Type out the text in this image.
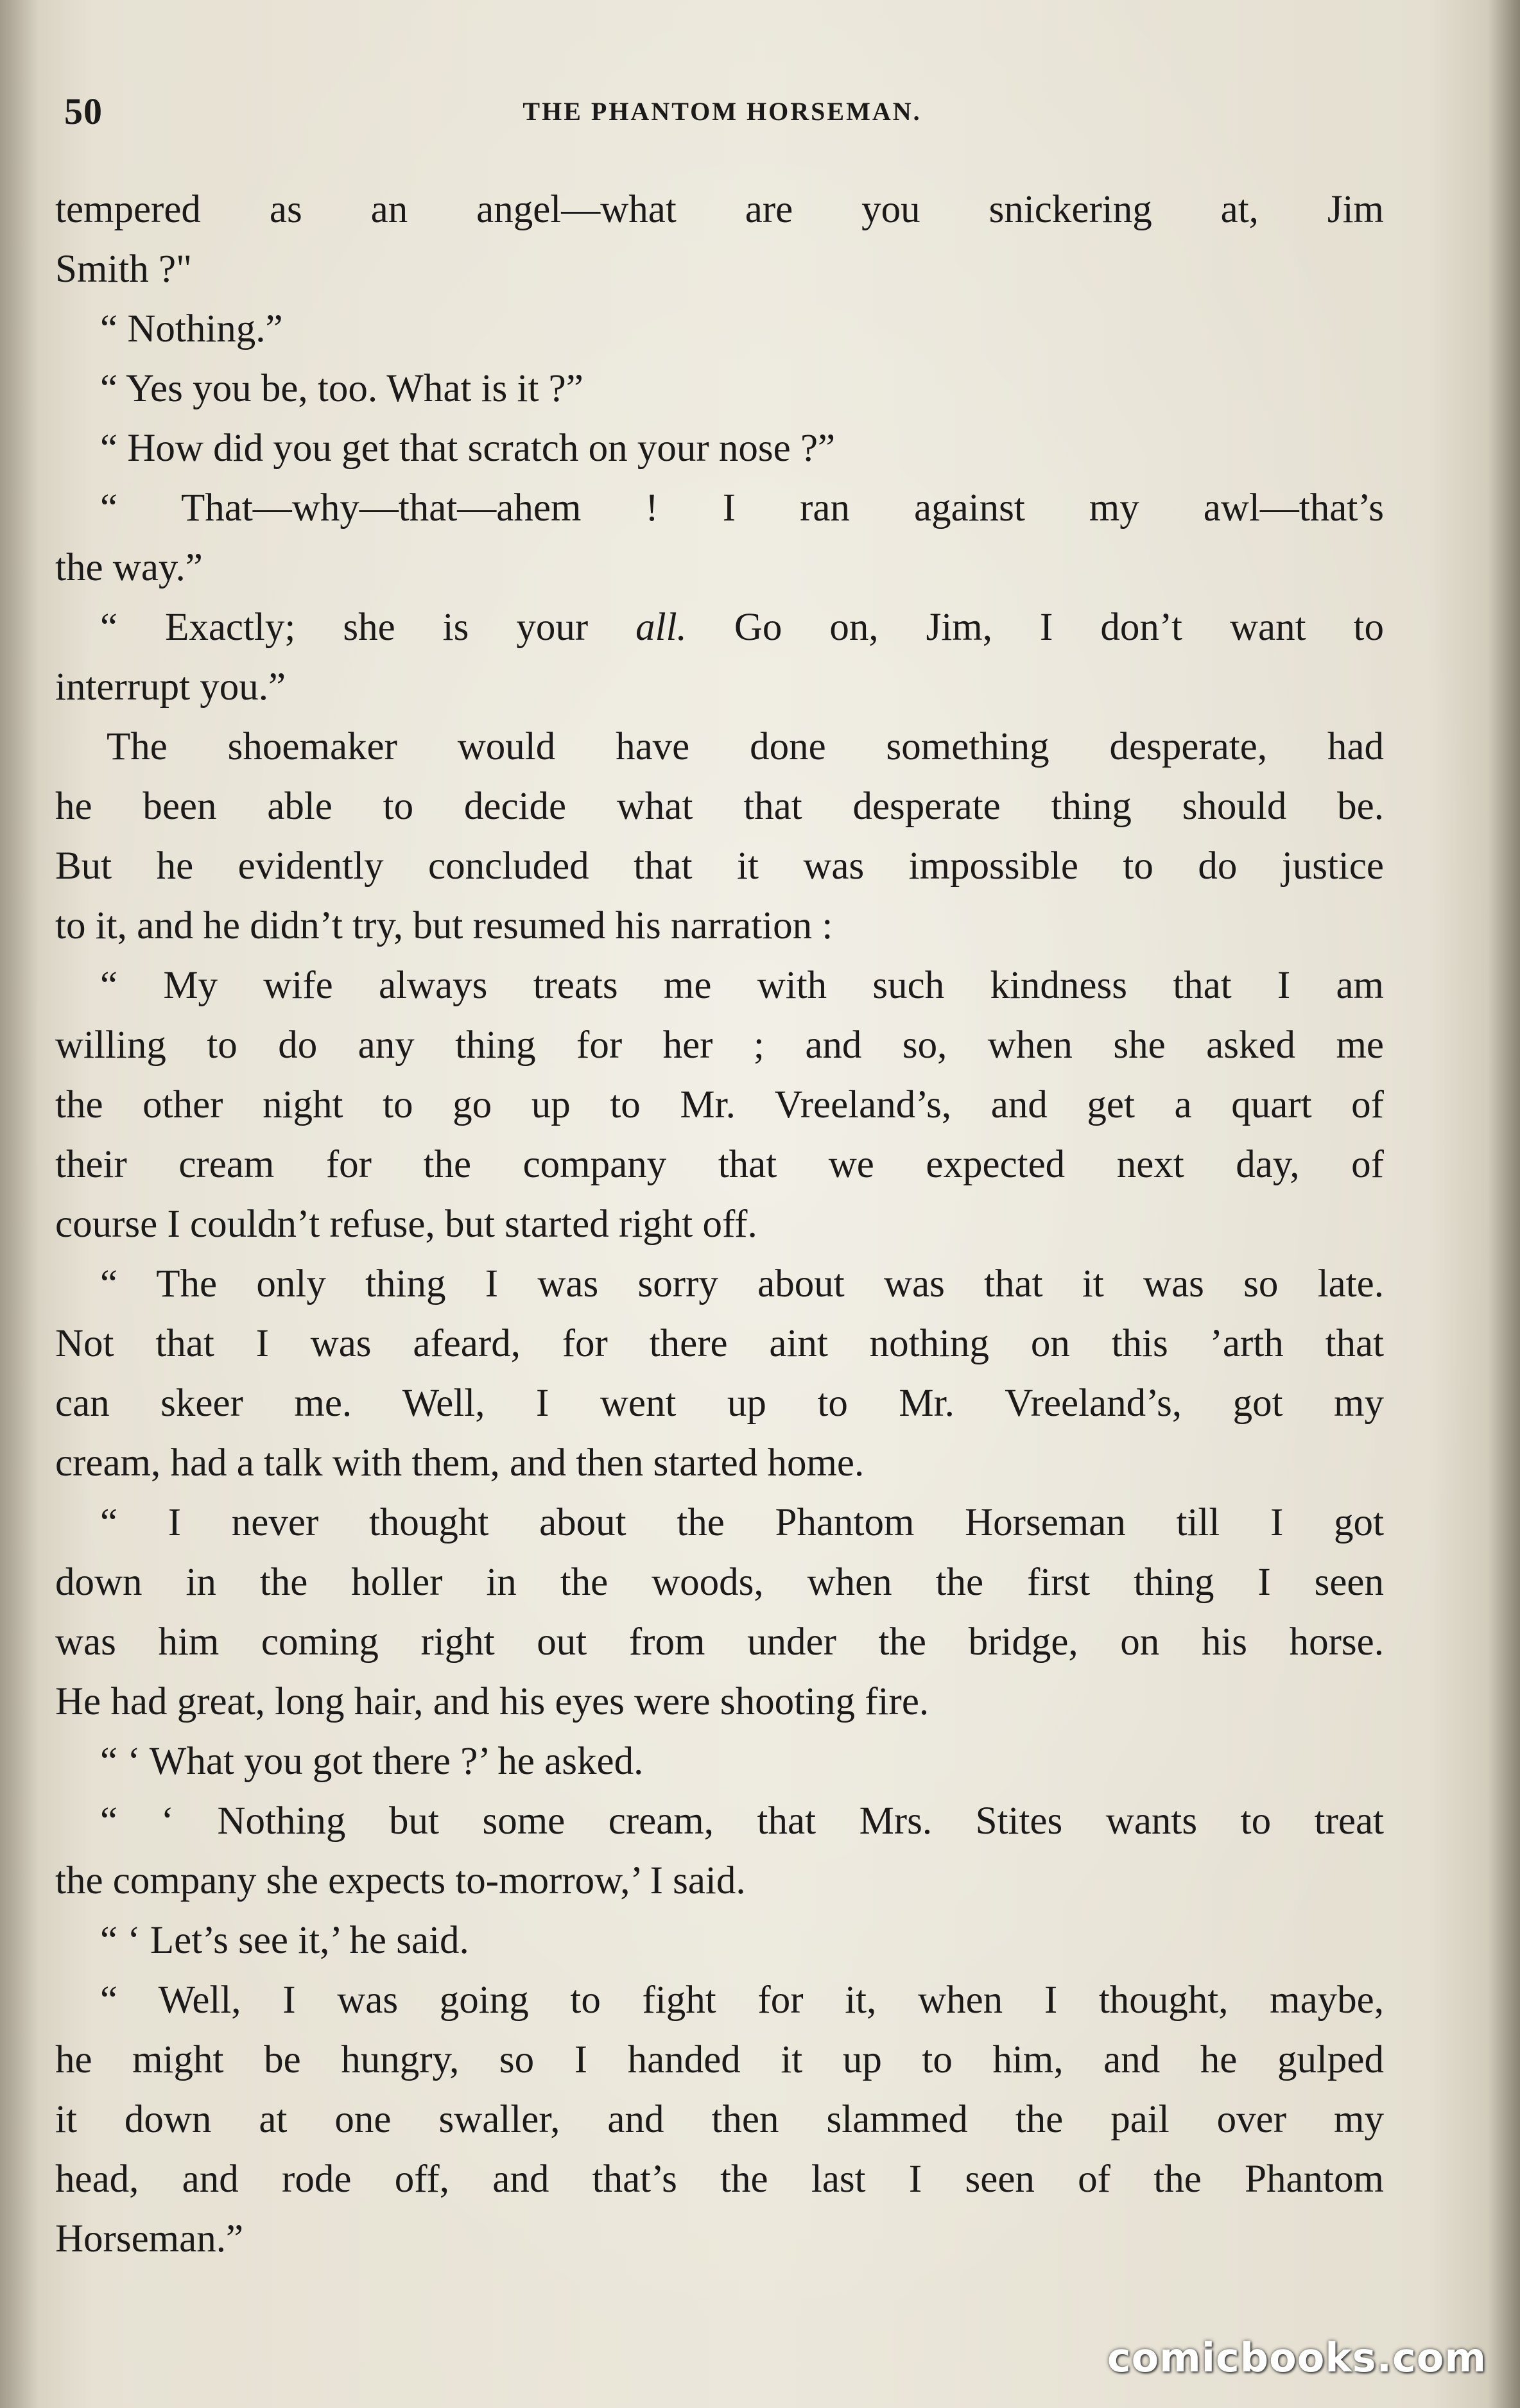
50	THE PHANTOM HORSEMAN.
tempered as an angel—what are you snickering at, Jim
Smith ?"
“ Nothing.”
“ Yes you be, too. What is it ?”
“ How did you get that scratch on your nose ?”
“ That—why—that—ahem ! I ran against my awl—that’s
the way.”
“ Exactly; she is your all. Go on, Jim, I don’t want to
interrupt you.”
The shoemaker would have done something desperate, had
he been able to decide what that desperate thing should be.
But he evidently concluded that it was impossible to do justice
to it, and he didn’t try, but resumed his narration :
“ My wife always treats me with such kindness that I am
willing to do any thing for her ; and so, when she asked me
the other night to go up to Mr. Vreeland’s, and get a quart of
their cream for the company that we expected next day, of
course I couldn’t refuse, but started right off.
“ The only thing I was sorry about was that it was so late.
Not that I was afeard, for there aint nothing on this ’arth that
can skeer me. Well, I went up to Mr. Vreeland’s, got my
cream, had a talk with them, and then started home.
“ I never thought about the Phantom Horseman till I got
down in the holler in the woods, when the first thing I seen
was him coming right out from under the bridge, on his horse.
He had great, long hair, and his eyes were shooting fire.
“ ‘ What you got there ?’ he asked.
“ ‘ Nothing but some cream, that Mrs. Stites wants to treat
the company she expects to-morrow,’ I said.
“ ‘ Let’s see it,’ he said.
“ Well, I was going to fight for it, when I thought, maybe,
he might be hungry, so I handed it up to him, and he gulped
it down at one swaller, and then slammed the pail over my
head, and rode off, and that’s the last I seen of the Phantom
Horseman.”
comicbooks.com
